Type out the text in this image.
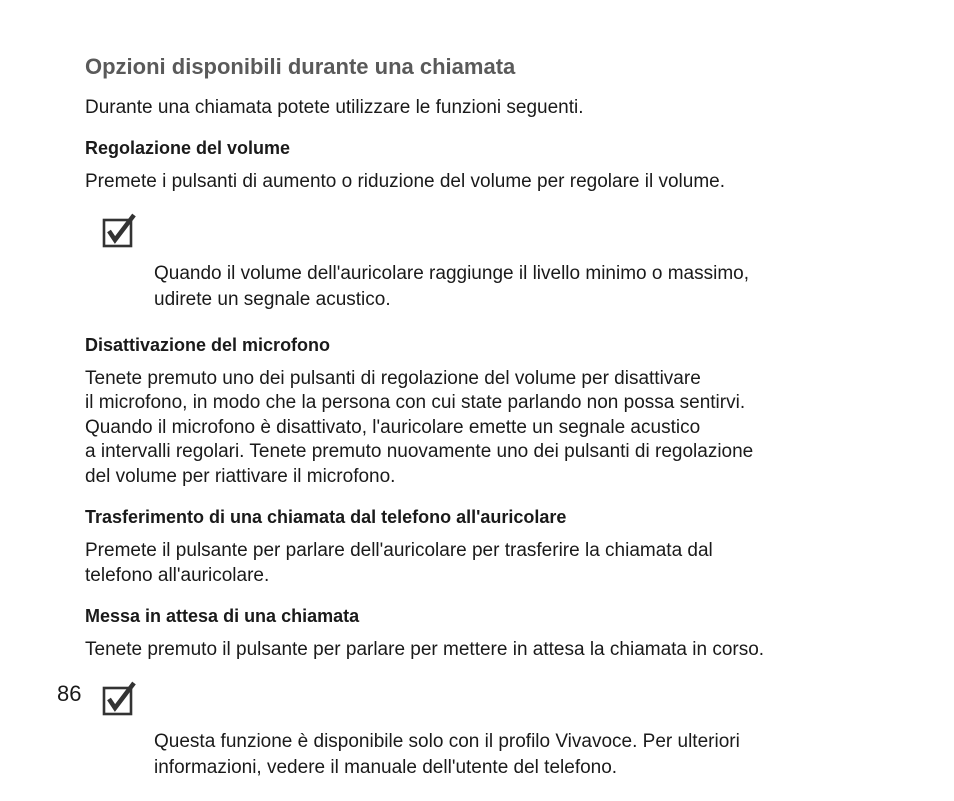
Opzioni disponibili durante una chiamata

Durante una chiamata potete utilizzare le funzioni seguenti.

Regolazione del volume

Premete i pulsanti di aumento o riduzione del volume per regolare il volume.

Quando il volume dell'auricolare raggiunge il livello minimo o massimo,
udirete un segnale acustico.

Disattivazione del microfono

Tenete premuto uno dei pulsanti di regolazione del volume per disattivare
il microfono, in modo che la persona con cui state parlando non possa sentirvi.
Quando il microfono è disattivato, l'auricolare emette un segnale acustico
a intervalli regolari. Tenete premuto nuovamente uno dei pulsanti di regolazione
del volume per riattivare il microfono.

Trasferimento di una chiamata dal telefono all'auricolare

Premete il pulsante per parlare dell'auricolare per trasferire la chiamata dal
telefono all'auricolare.

Messa in attesa di una chiamata

Tenete premuto il pulsante per parlare per mettere in attesa la chiamata in corso.

Questa funzione è disponibile solo con il profilo Vivavoce. Per ulteriori
informazioni, vedere il manuale dell'utente del telefono.

86
